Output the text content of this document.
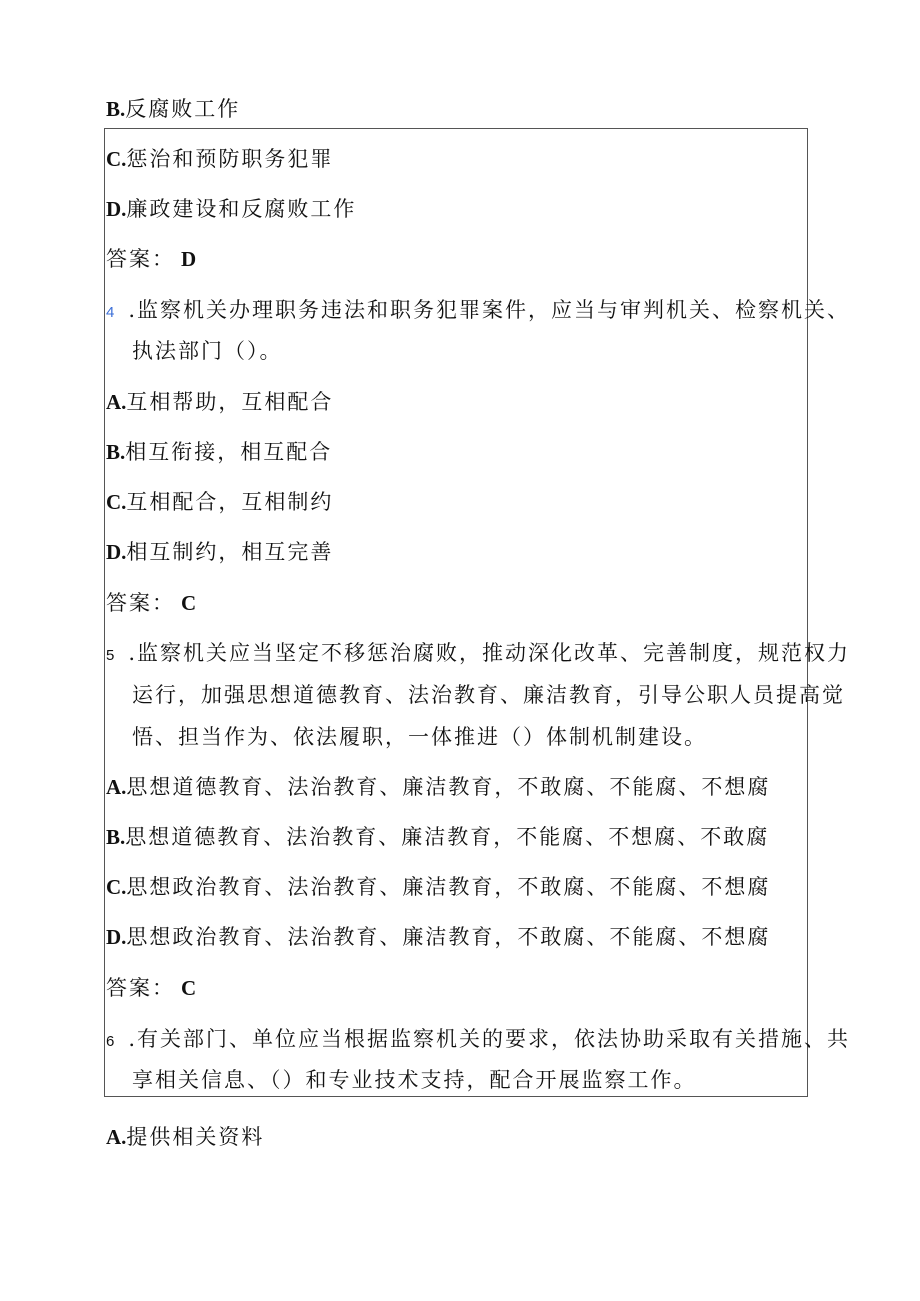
B.反腐败工作
C.惩治和预防职务犯罪
D.廉政建设和反腐败工作
答案： D
4 .监察机关办理职务违法和职务犯罪案件，应当与审判机关、检察机关、
执法部门（）。
A.互相帮助，互相配合
B.相互衔接，相互配合
C.互相配合，互相制约
D.相互制约，相互完善
答案： C
5 .监察机关应当坚定不移惩治腐败，推动深化改革、完善制度，规范权力
运行，加强思想道德教育、法治教育、廉洁教育，引导公职人员提高觉
悟、担当作为、依法履职，一体推进（）体制机制建设。
A.思想道德教育、法治教育、廉洁教育，不敢腐、不能腐、不想腐
B.思想道德教育、法治教育、廉洁教育，不能腐、不想腐、不敢腐
C.思想政治教育、法治教育、廉洁教育，不敢腐、不能腐、不想腐
D.思想政治教育、法治教育、廉洁教育，不敢腐、不能腐、不想腐
答案： C
6 .有关部门、单位应当根据监察机关的要求，依法协助采取有关措施、共
享相关信息、（）和专业技术支持，配合开展监察工作。
A.提供相关资料
